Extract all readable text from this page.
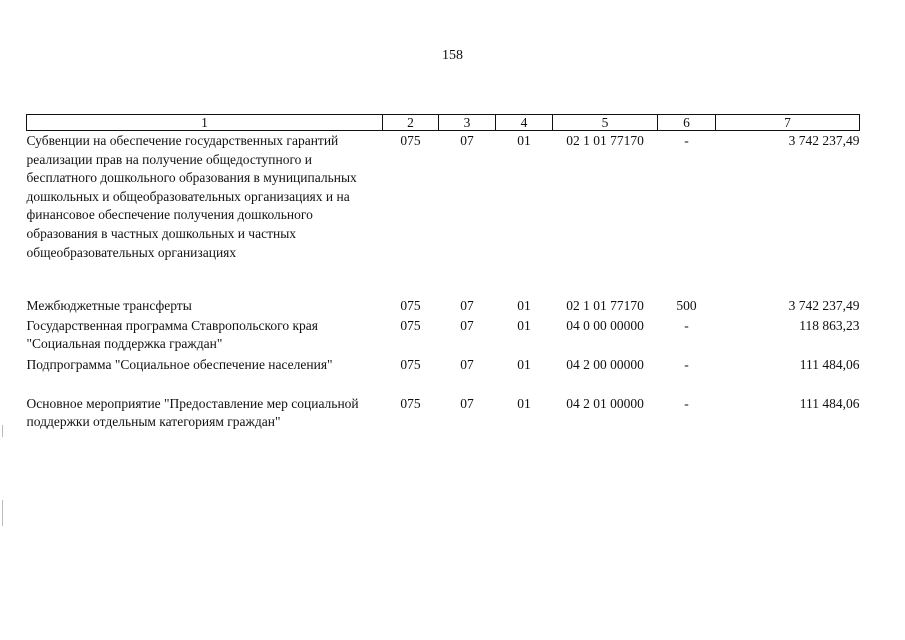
158
1	2	3	4	5	6	7
Субвенции на обеспечение государственных гарантий реализации прав на получение общедоступного и бесплатного дошкольного образования в муниципальных дошкольных и общеобразовательных организациях и на финансовое обеспечение получения дошкольного образования в частных дошкольных и частных общеобразовательных организациях	075	07	01	02 1 01 77170	-	3 742 237,49
Межбюджетные трансферты	075	07	01	02 1 01 77170	500	3 742 237,49
Государственная программа Ставропольского края "Социальная поддержка граждан"	075	07	01	04 0 00 00000	-	118 863,23
Подпрограмма "Социальное обеспечение населения"	075	07	01	04 2 00 00000	-	111 484,06
Основное мероприятие "Предоставление мер социальной поддержки отдельным категориям граждан"	075	07	01	04 2 01 00000	-	111 484,06
